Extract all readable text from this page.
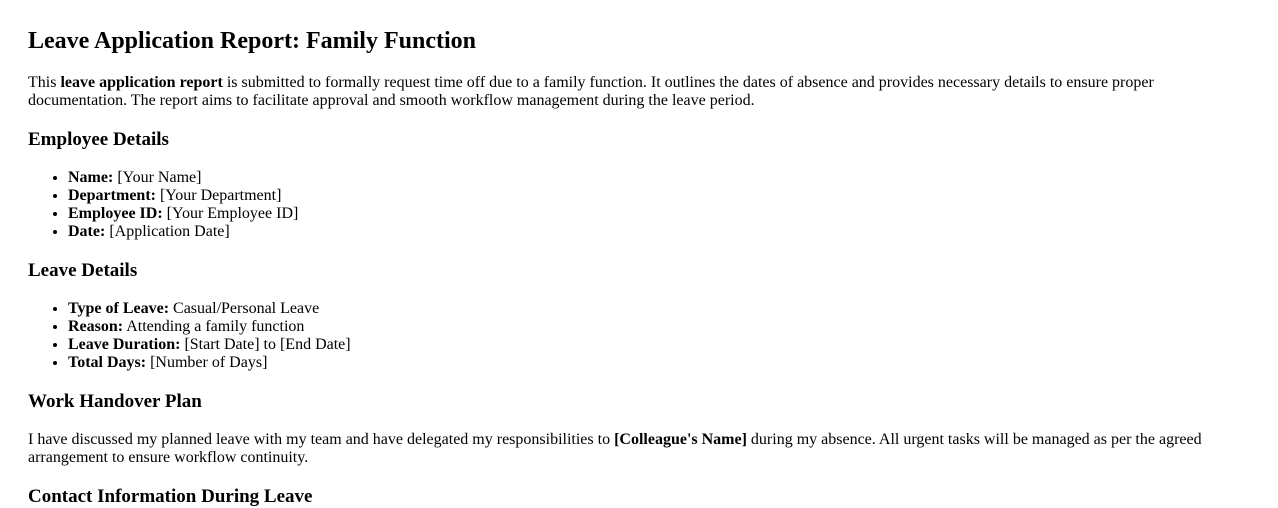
Leave Application Report: Family Function

This leave application report is submitted to formally request time off due to a family function. It outlines the dates of absence and provides necessary details to ensure proper documentation. The report aims to facilitate approval and smooth workflow management during the leave period.

Employee Details
• Name: [Your Name]
• Department: [Your Department]
• Employee ID: [Your Employee ID]
• Date: [Application Date]
Leave Details
• Type of Leave: Casual/Personal Leave
• Reason: Attending a family function
• Leave Duration: [Start Date] to [End Date]
• Total Days: [Number of Days]
Work Handover Plan

I have discussed my planned leave with my team and have delegated my responsibilities to [Colleague's Name] during my absence. All urgent tasks will be managed as per the agreed arrangement to ensure workflow continuity.

Contact Information During Leave
